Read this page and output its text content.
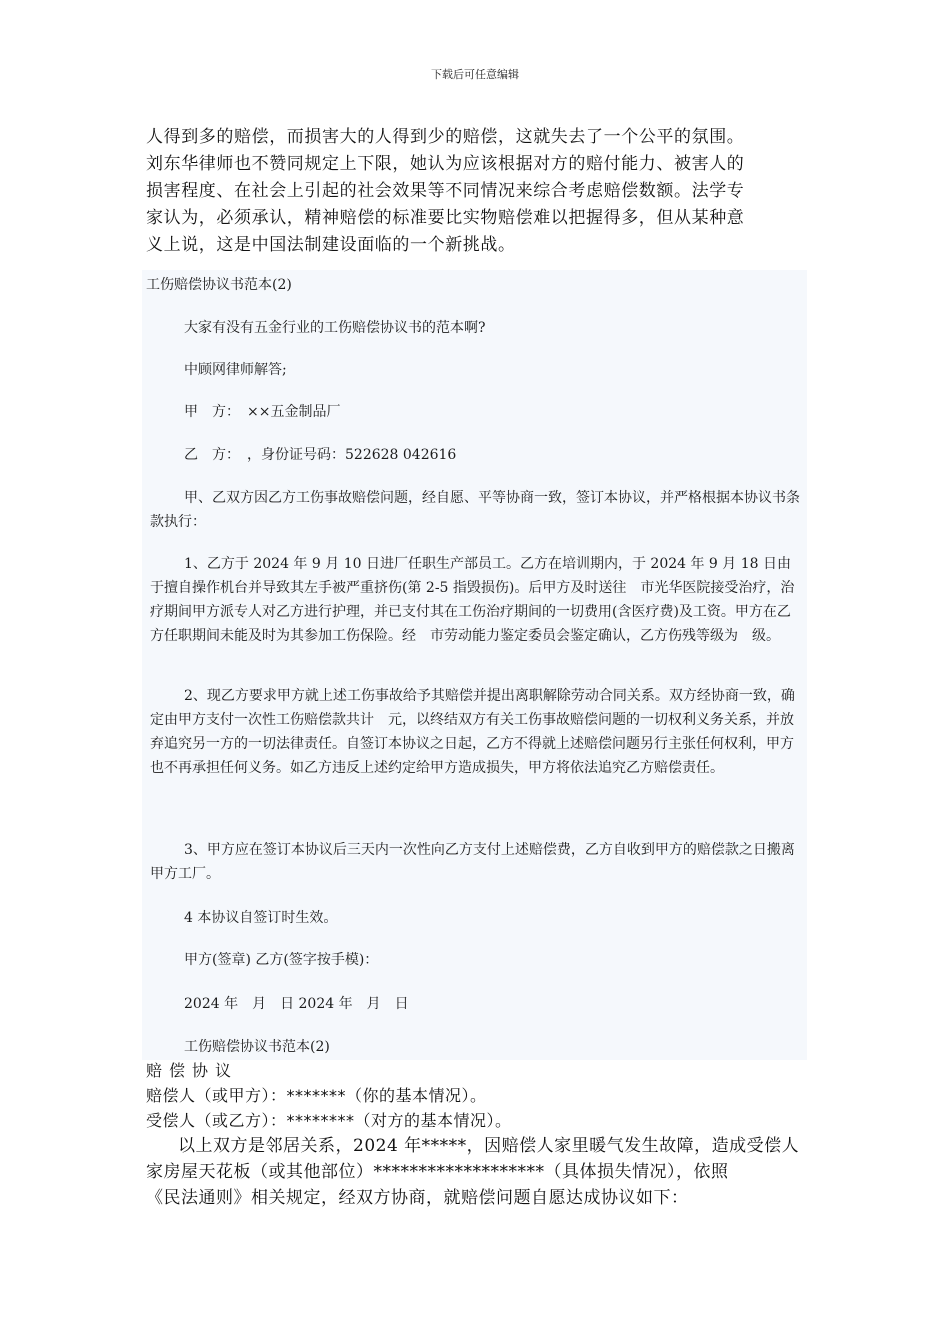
下载后可任意编辑

人得到多的赔偿，而损害大的人得到少的赔偿，这就失去了一个公平的氛围。

刘东华律师也不赞同规定上下限，她认为应该根据对方的赔付能力、被害人的

损害程度、在社会上引起的社会效果等不同情况来综合考虑赔偿数额。法学专

家认为，必须承认，精神赔偿的标准要比实物赔偿难以把握得多，但从某种意

义上说，这是中国法制建设面临的一个新挑战。

工伤赔偿协议书范本(2)
大家有没有五金行业的工伤赔偿协议书的范本啊?
中顾网律师解答;
甲　方：　××五金制品厂
乙　方：　，身份证号码：522628 042616
甲、乙双方因乙方工伤事故赔偿问题，经自愿、平等协商一致，签订本协议，并严格根据本协议书条款执行：
1、乙方于 2024 年 9 月 10 日进厂任职生产部员工。乙方在培训期内，于 2024 年 9 月 18 日由于擅自操作机台并导致其左手被严重挤伤(第 2-5 指毁损伤)。后甲方及时送往　市光华医院接受治疗，治疗期间甲方派专人对乙方进行护理，并已支付其在工伤治疗期间的一切费用(含医疗费)及工资。甲方在乙方任职期间未能及时为其参加工伤保险。经　市劳动能力鉴定委员会鉴定确认，乙方伤残等级为　级。
2、现乙方要求甲方就上述工伤事故给予其赔偿并提出离职解除劳动合同关系。双方经协商一致，确定由甲方支付一次性工伤赔偿款共计　元，以终结双方有关工伤事故赔偿问题的一切权利义务关系，并放弃追究另一方的一切法律责任。自签订本协议之日起，乙方不得就上述赔偿问题另行主张任何权利，甲方也不再承担任何义务。如乙方违反上述约定给甲方造成损失，甲方将依法追究乙方赔偿责任。
3、甲方应在签订本协议后三天内一次性向乙方支付上述赔偿费，乙方自收到甲方的赔偿款之日搬离甲方工厂。
4 本协议自签订时生效。
甲方(签章) 乙方(签字按手模)：
2024 年　月　日 2024 年　月　日
工伤赔偿协议书范本(2)

赔偿协议

赔偿人（或甲方）：*******（你的基本情况）。

受偿人（或乙方）：********（对方的基本情况）。

以上双方是邻居关系，2024 年*****，因赔偿人家里暖气发生故障，造成受偿人家房屋天花板（或其他部位）*******************（具体损失情况），依照

《民法通则》相关规定，经双方协商，就赔偿问题自愿达成协议如下：
